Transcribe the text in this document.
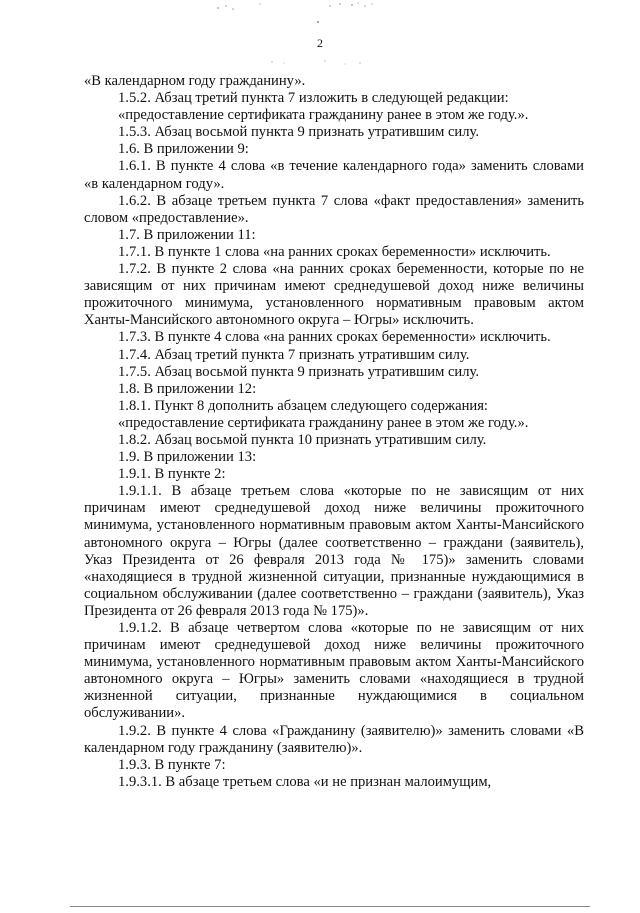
2

«В календарном году гражданину».

1.5.2. Абзац третий пункта 7 изложить в следующей редакции:

«предоставление сертификата гражданину ранее в этом же году.».

1.5.3. Абзац восьмой пункта 9 признать утратившим силу.

1.6. В приложении 9:

1.6.1. В пункте 4 слова «в течение календарного года» заменить словами «в календарном году».

1.6.2. В абзаце третьем пункта 7 слова «факт предоставления» заменить словом «предоставление».

1.7. В приложении 11:

1.7.1. В пункте 1 слова «на ранних сроках беременности» исключить.

1.7.2. В пункте 2 слова «на ранних сроках беременности, которые по не зависящим от них причинам имеют среднедушевой доход ниже величины прожиточного минимума, установленного нормативным правовым актом Ханты-Мансийского автономного округа – Югры» исключить.

1.7.3. В пункте 4 слова «на ранних сроках беременности» исключить.

1.7.4. Абзац третий пункта 7 признать утратившим силу.

1.7.5. Абзац восьмой пункта 9 признать утратившим силу.

1.8. В приложении 12:

1.8.1. Пункт 8 дополнить абзацем следующего содержания:

«предоставление сертификата гражданину ранее в этом же году.».

1.8.2. Абзац восьмой пункта 10 признать утратившим силу.

1.9. В приложении 13:

1.9.1. В пункте 2:

1.9.1.1. В абзаце третьем слова «которые по не зависящим от них причинам имеют среднедушевой доход ниже величины прожиточного минимума, установленного нормативным правовым актом Ханты-Мансийского автономного округа – Югры (далее соответственно – граждани (заявитель), Указ Президента от 26 февраля 2013 года № 175)» заменить словами «находящиеся в трудной жизненной ситуации, признанные нуждающимися в социальном обслуживании (далее соответственно – граждани (заявитель), Указ Президента от 26 февраля 2013 года № 175)».

1.9.1.2. В абзаце четвертом слова «которые по не зависящим от них причинам имеют среднедушевой доход ниже величины прожиточного минимума, установленного нормативным правовым актом Ханты-Мансийского автономного округа – Югры» заменить словами «находящиеся в трудной жизненной ситуации, признанные нуждающимися в социальном обслуживании».

1.9.2. В пункте 4 слова «Гражданину (заявителю)» заменить словами «В календарном году гражданину (заявителю)».

1.9.3. В пункте 7:

1.9.3.1. В абзаце третьем слова «и не признан малоимущим,
